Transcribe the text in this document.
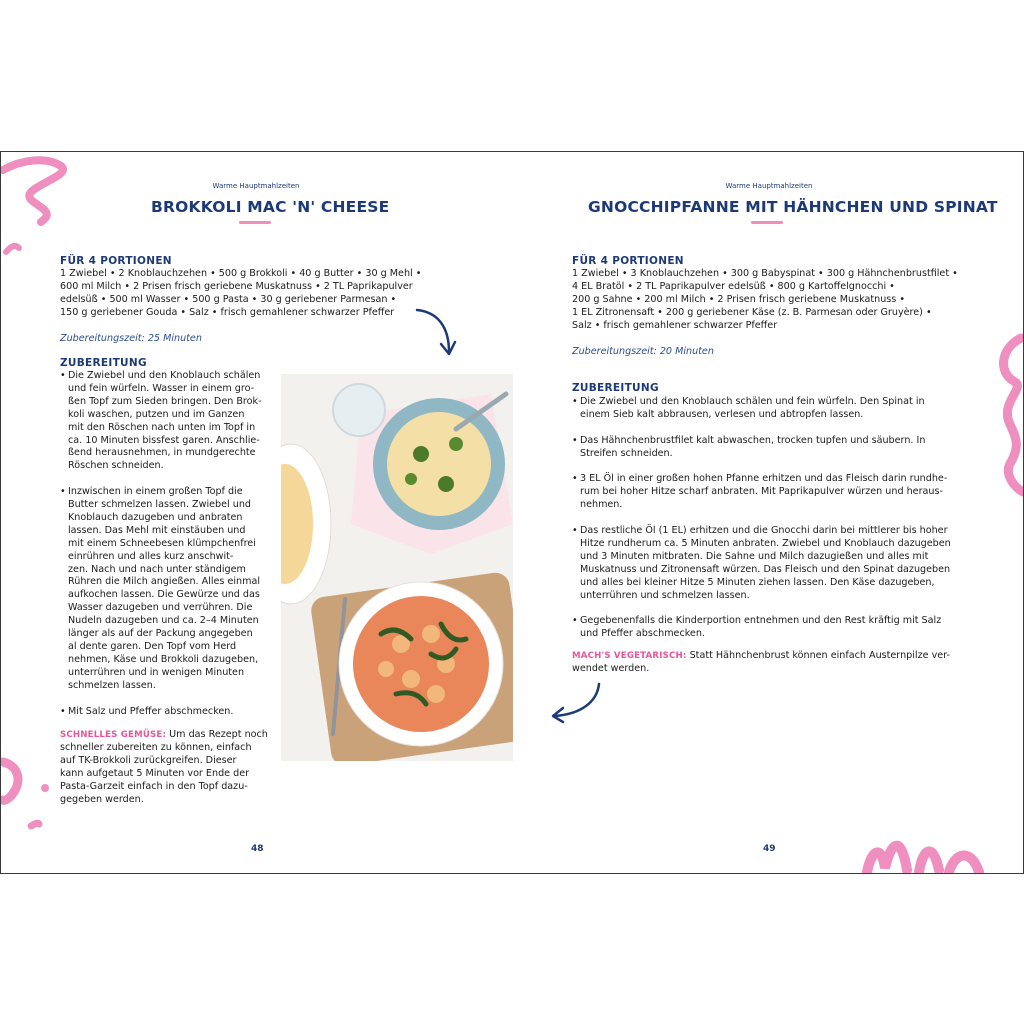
Warme Hauptmahlzeiten
BROKKOLI MAC 'N' CHEESE
FÜR 4 PORTIONEN
1 Zwiebel • 2 Knoblauchzehen • 500 g Brokkoli • 40 g Butter • 30 g Mehl •
600 ml Milch • 2 Prisen frisch geriebene Muskatnuss • 2 TL Paprikapulver
edelsüß • 500 ml Wasser • 500 g Pasta • 30 g geriebener Parmesan •
150 g geriebener Gouda • Salz • frisch gemahlener schwarzer Pfeffer
Zubereitungszeit: 25 Minuten
ZUBEREITUNG
• Die Zwiebel und den Knoblauch schälen
und fein würfeln. Wasser in einem gro-
ßen Topf zum Sieden bringen. Den Brok-
koli waschen, putzen und im Ganzen
mit den Röschen nach unten im Topf in
ca. 10 Minuten bissfest garen. Anschlie-
ßend herausnehmen, in mundgerechte
Röschen schneiden.
• Inzwischen in einem großen Topf die
Butter schmelzen lassen. Zwiebel und
Knoblauch dazugeben und anbraten
lassen. Das Mehl mit einstäuben und
mit einem Schneebesen klümpchenfrei
einrühren und alles kurz anschwit-
zen. Nach und nach unter ständigem
Rühren die Milch angießen. Alles einmal
aufkochen lassen. Die Gewürze und das
Wasser dazugeben und verrühren. Die
Nudeln dazugeben und ca. 2–4 Minuten
länger als auf der Packung angegeben
al dente garen. Den Topf vom Herd
nehmen, Käse und Brokkoli dazugeben,
unterrühren und in wenigen Minuten
schmelzen lassen.
• Mit Salz und Pfeffer abschmecken.
SCHNELLES GEMÜSE: Um das Rezept noch
schneller zubereiten zu können, einfach
auf TK-Brokkoli zurückgreifen. Dieser
kann aufgetaut 5 Minuten vor Ende der
Pasta-Garzeit einfach in den Topf dazu-
gegeben werden.
48
Warme Hauptmahlzeiten
GNOCCHIPFANNE MIT HÄHNCHEN UND SPINAT
FÜR 4 PORTIONEN
1 Zwiebel • 3 Knoblauchzehen • 300 g Babyspinat • 300 g Hähnchenbrustfilet •
4 EL Bratöl • 2 TL Paprikapulver edelsüß • 800 g Kartoffelgnocchi •
200 g Sahne • 200 ml Milch • 2 Prisen frisch geriebene Muskatnuss •
1 EL Zitronensaft • 200 g geriebener Käse (z. B. Parmesan oder Gruyère) •
Salz • frisch gemahlener schwarzer Pfeffer
Zubereitungszeit: 20 Minuten
ZUBEREITUNG
• Die Zwiebel und den Knoblauch schälen und fein würfeln. Den Spinat in
einem Sieb kalt abbrausen, verlesen und abtropfen lassen.
• Das Hähnchenbrustfilet kalt abwaschen, trocken tupfen und säubern. In
Streifen schneiden.
• 3 EL Öl in einer großen hohen Pfanne erhitzen und das Fleisch darin rundhe-
rum bei hoher Hitze scharf anbraten. Mit Paprikapulver würzen und heraus-
nehmen.
• Das restliche Öl (1 EL) erhitzen und die Gnocchi darin bei mittlerer bis hoher
Hitze rundherum ca. 5 Minuten anbraten. Zwiebel und Knoblauch dazugeben
und 3 Minuten mitbraten. Die Sahne und Milch dazugießen und alles mit
Muskatnuss und Zitronensaft würzen. Das Fleisch und den Spinat dazugeben
und alles bei kleiner Hitze 5 Minuten ziehen lassen. Den Käse dazugeben,
unterrühren und schmelzen lassen.
• Gegebenenfalls die Kinderportion entnehmen und den Rest kräftig mit Salz
und Pfeffer abschmecken.
MACH'S VEGETARISCH: Statt Hähnchenbrust können einfach Austernpilze ver-
wendet werden.
49
